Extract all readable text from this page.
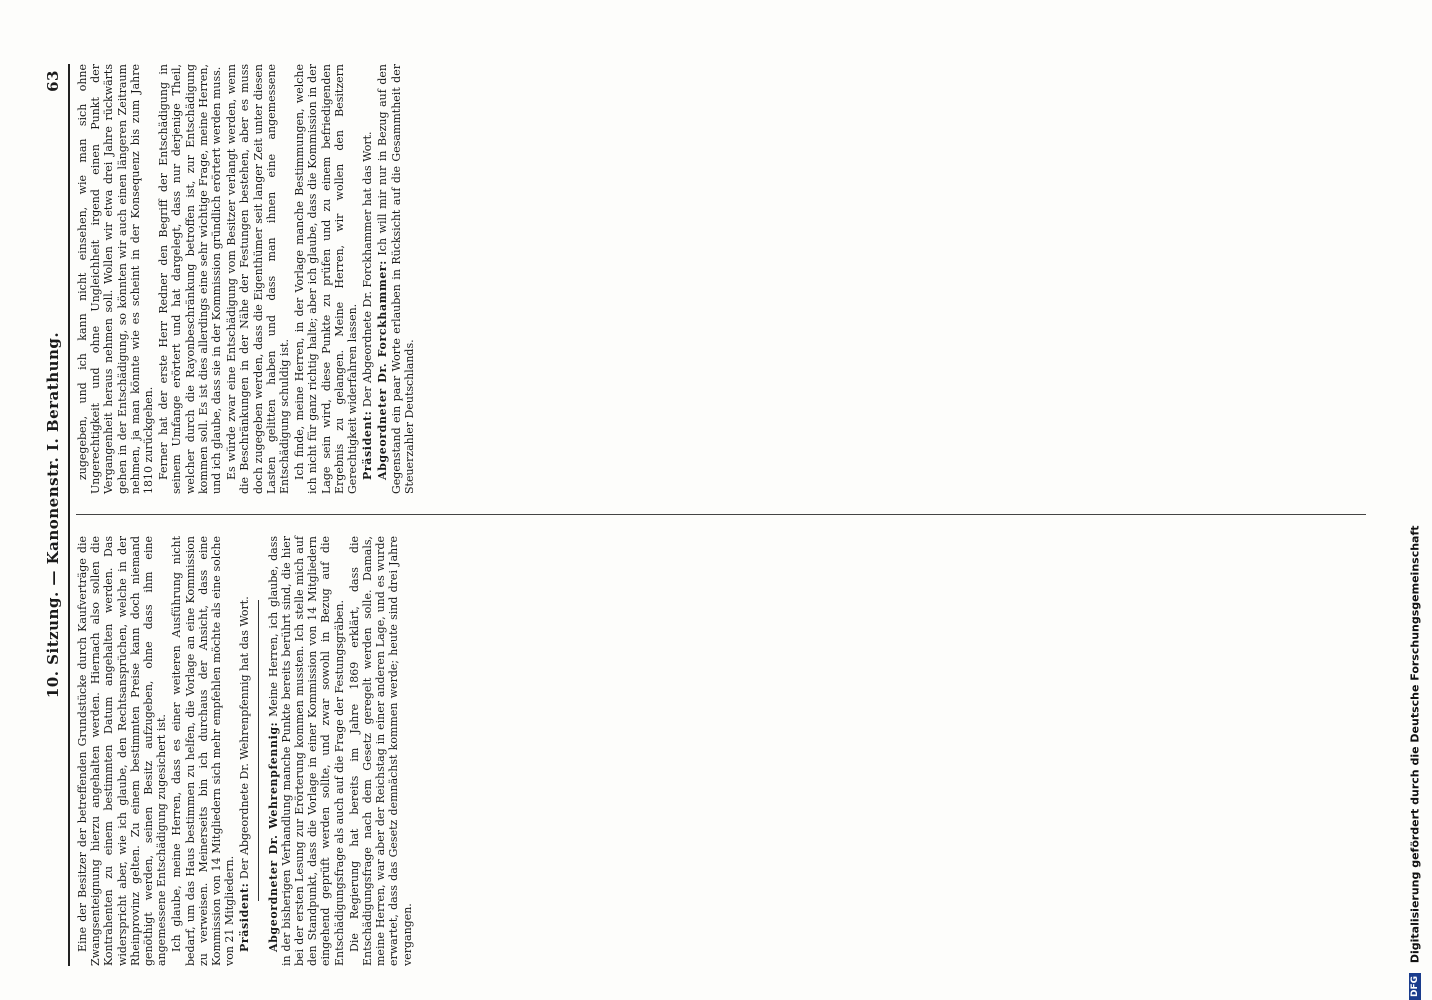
10. Sitzung. — Kanonenstr. I. Berathung.
63

Eine der Besitzer der betreffenden Grundstücke durch Kaufverträge die Zwangsenteignung hierzu angehalten werden. Hiernach also sollen die Kontrahenten zu einem bestimmten Datum angehalten werden. Das widerspricht aber, wie ich glaube, den Rechtsansprüchen, welche in der Rheinprovinz gelten. Zu einem bestimmten Preise kann doch niemand genöthigt werden, seinen Besitz aufzugeben, ohne dass ihm eine angemessene Entschädigung zugesichert ist. Ich glaube, meine Herren, dass es einer weiteren Ausführung nicht bedarf, um das Haus bestimmen zu helfen, die Vorlage an eine Kommission zu verweisen. Meinerseits bin ich durchaus der Ansicht, dass eine Kommission von 14 Mitgliedern sich mehr empfehlen möchte als eine solche von 21 Mitgliedern. Präsident: Der Abgeordnete Dr. Wehrenpfennig hat das Wort. Abgeordneter Dr. Wehrenpfennig: Meine Herren, ich glaube, dass in der bisherigen Verhandlung manche Punkte bereits berührt sind, die hier bei der ersten Lesung zur Erörterung kommen mussten. Ich stelle mich auf den Standpunkt, dass die Vorlage in einer Kommission von 14 Mitgliedern eingehend geprüft werden sollte, und zwar sowohl in Bezug auf die Entschädigungsfrage als auch auf die Frage der Festungsgräben. Die Regierung hat bereits im Jahre 1869 erklärt, dass die Entschädigungsfrage nach dem Gesetz geregelt werden solle. Damals, meine Herren, war aber der Reichstag in einer anderen Lage, und es wurde erwartet, dass das Gesetz demnächst kommen werde; heute sind drei Jahre vergangen.

zugegeben, und ich kann nicht einsehen, wie man sich ohne Ungerechtigkeit und ohne Ungleichheit irgend einen Punkt der Vergangenheit heraus nehmen soll. Wollen wir etwa drei Jahre rückwärts gehen in der Entschädigung, so könnten wir auch einen längeren Zeitraum nehmen, ja man könnte wie es scheint in der Konsequenz bis zum Jahre 1810 zurückgehen. Ferner hat der erste Herr Redner den Begriff der Entschädigung in seinem Umfange erörtert und hat dargelegt, dass nur derjenige Theil, welcher durch die Rayonbeschränkung betroffen ist, zur Entschädigung kommen soll. Es ist dies allerdings eine sehr wichtige Frage, meine Herren, und ich glaube, dass sie in der Kommission gründlich erörtert werden muss. Es würde zwar eine Entschädigung vom Besitzer verlangt werden, wenn die Beschränkungen in der Nähe der Festungen bestehen, aber es muss doch zugegeben werden, dass die Eigenthümer seit langer Zeit unter diesen Lasten gelitten haben und dass man ihnen eine angemessene Entschädigung schuldig ist. Ich finde, meine Herren, in der Vorlage manche Bestimmungen, welche ich nicht für ganz richtig halte; aber ich glaube, dass die Kommission in der Lage sein wird, diese Punkte zu prüfen und zu einem befriedigenden Ergebnis zu gelangen. Meine Herren, wir wollen den Besitzern Gerechtigkeit widerfahren lassen. Präsident: Der Abgeordnete Dr. Forckhammer hat das Wort. Abgeordneter Dr. Forckhammer: Ich will mir nur in Bezug auf den Gegenstand ein paar Worte erlauben in Rücksicht auf die Gesammtheit der Steuerzahler Deutschlands.

DFG Digitalisierung gefördert durch die Deutsche Forschungsgemeinschaft
